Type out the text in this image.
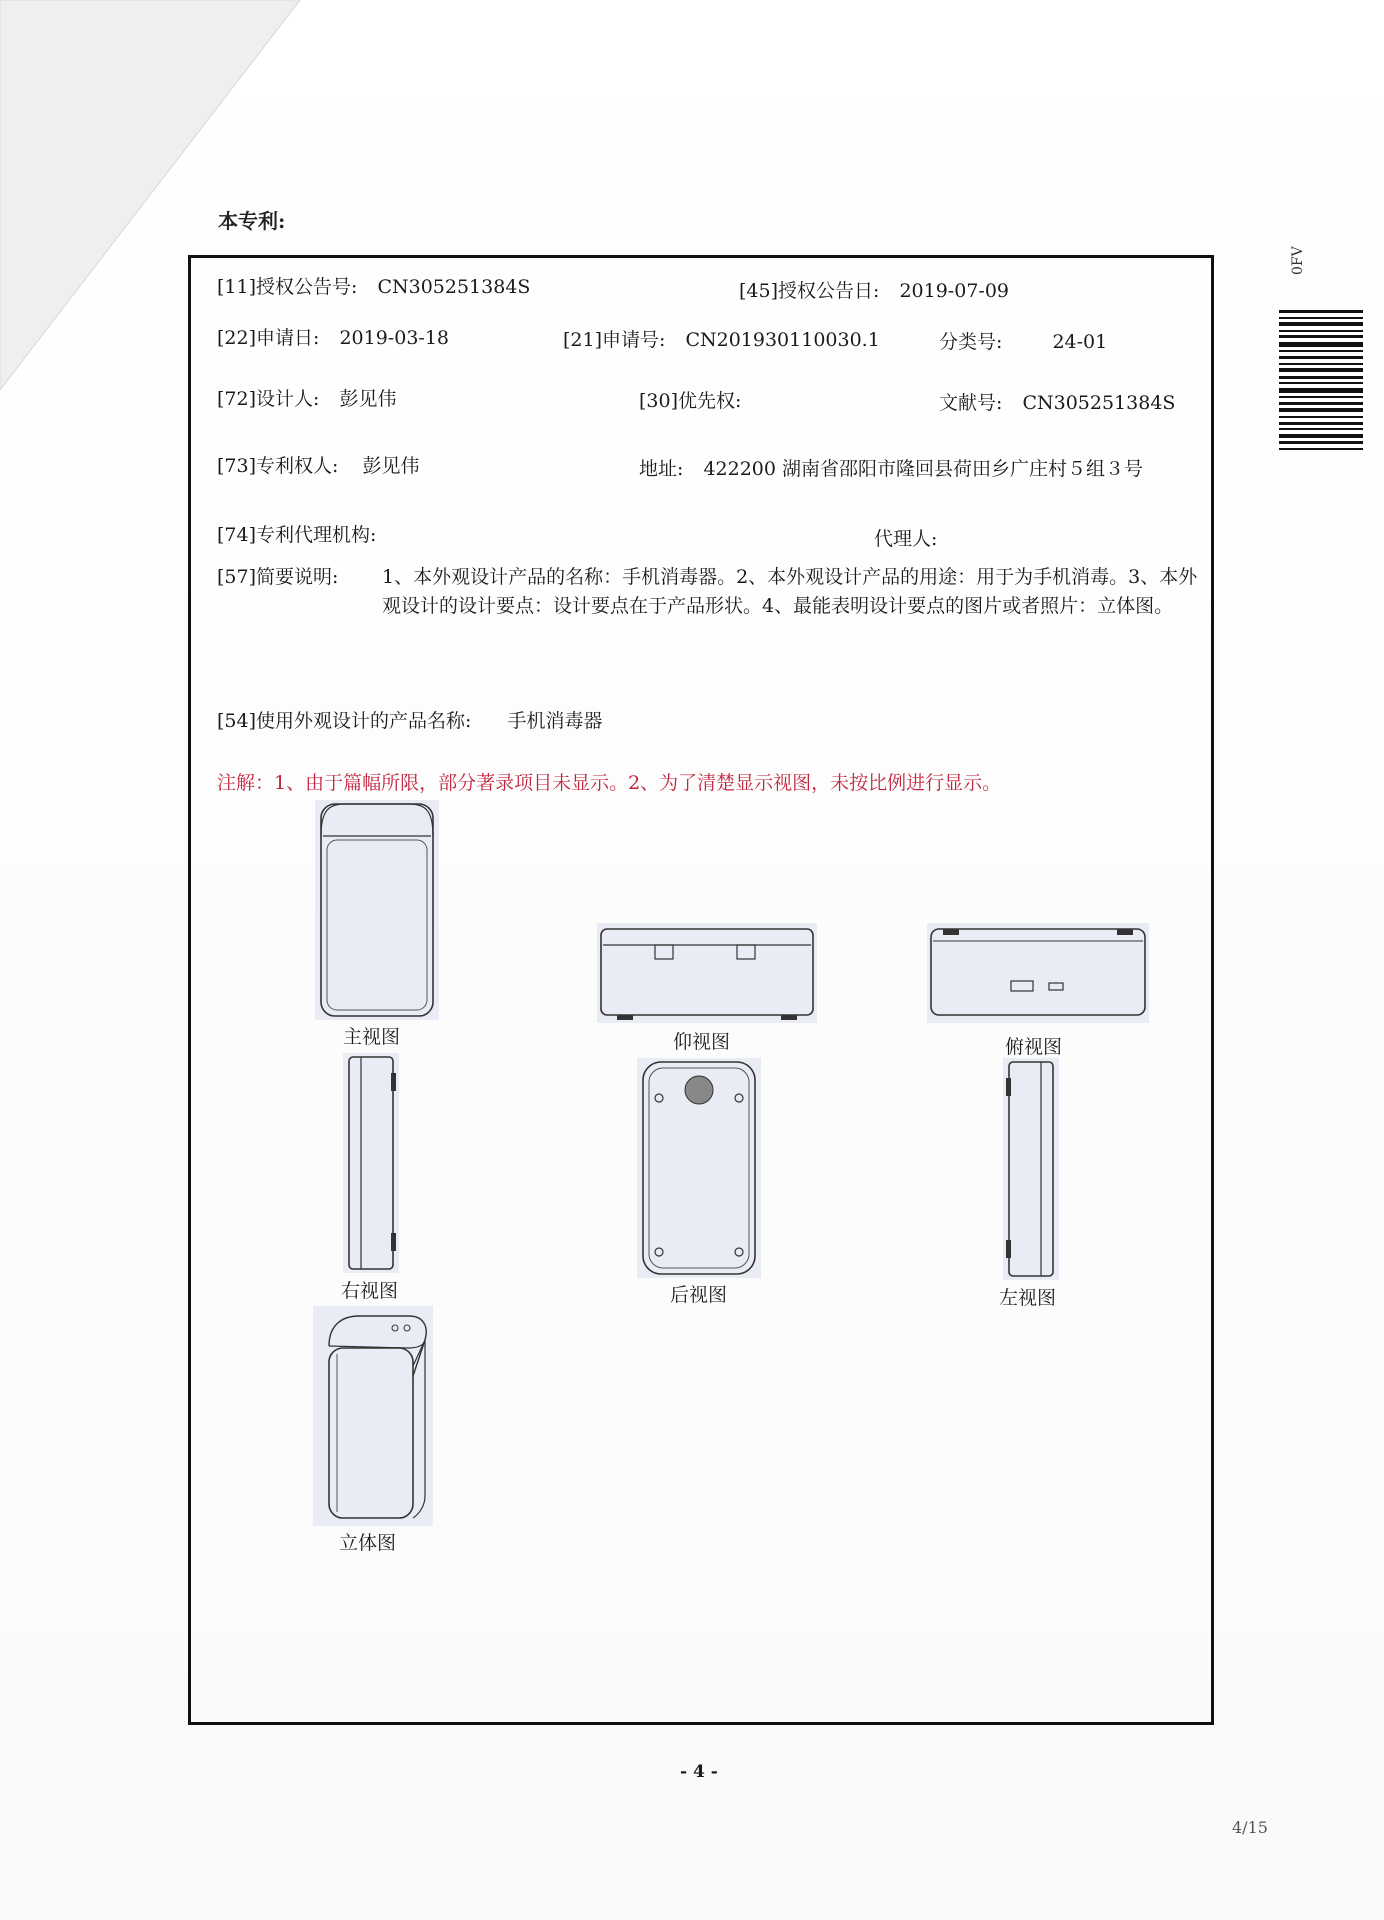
本专利:
0FV
[11]授权公告号: CN305251384S	[45]授权公告日: 2019-07-09
[22]申请日: 2019-03-18	[21]申请号: CN201930110030.1	分类号:	24-01
[72]设计人: 彭见伟	[30]优先权:	文献号: CN305251384S
[73]专利权人: 彭见伟	地址: 422200 湖南省邵阳市隆回县荷田乡广庄村５组３号
[74]专利代理机构:	代理人:
[57]简要说明: 1、本外观设计产品的名称：手机消毒器。2、本外观设计产品的用途：用于为手机消毒。3、本外观设计的设计要点：设计要点在于产品形状。4、最能表明设计要点的图片或者照片：立体图。
[54]使用外观设计的产品名称: 手机消毒器
注解：1、由于篇幅所限，部分著录项目未显示。2、为了清楚显示视图，未按比例进行显示。
主视图	仰视图	俯视图
右视图	后视图	左视图
立体图
- 4 -
4/15
